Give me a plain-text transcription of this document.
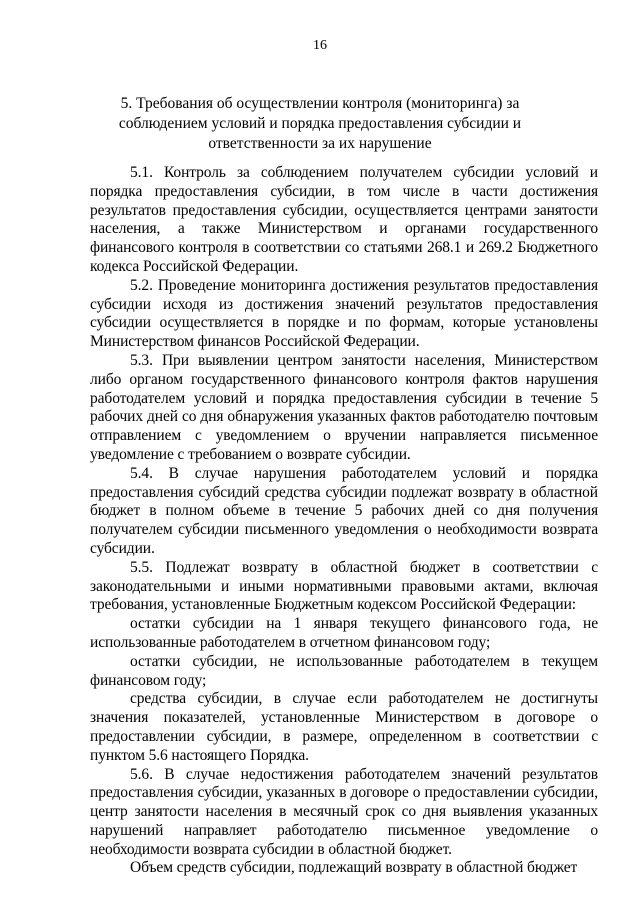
16
5. Требования об осуществлении контроля (мониторинга) за
соблюдением условий и порядка предоставления субсидии и
ответственности за их нарушение

5.1. Контроль за соблюдением получателем субсидии условий и порядка предоставления субсидии, в том числе в части достижения результатов предоставления субсидии, осуществляется центрами занятости населения, а также Министерством и органами государственного финансового контроля в соответствии со статьями 268.1 и 269.2 Бюджетного кодекса Российской Федерации.

5.2. Проведение мониторинга достижения результатов предоставления субсидии исходя из достижения значений результатов предоставления субсидии осуществляется в порядке и по формам, которые установлены Министерством финансов Российской Федерации.

5.3. При выявлении центром занятости населения, Министерством либо органом государственного финансового контроля фактов нарушения работодателем условий и порядка предоставления субсидии в течение 5 рабочих дней со дня обнаружения указанных фактов работодателю почтовым отправлением с уведомлением о вручении направляется письменное уведомление с требованием о возврате субсидии.

5.4. В случае нарушения работодателем условий и порядка предоставления субсидий средства субсидии подлежат возврату в областной бюджет в полном объеме в течение 5 рабочих дней со дня получения получателем субсидии письменного уведомления о необходимости возврата субсидии.

5.5. Подлежат возврату в областной бюджет в соответствии с законодательными и иными нормативными правовыми актами, включая требования, установленные Бюджетным кодексом Российской Федерации:

остатки субсидии на 1 января текущего финансового года, не использованные работодателем в отчетном финансовом году;

остатки субсидии, не использованные работодателем в текущем финансовом году;

средства субсидии, в случае если работодателем не достигнуты значения показателей, установленные Министерством в договоре о предоставлении субсидии, в размере, определенном в соответствии с пунктом 5.6 настоящего Порядка.

5.6. В случае недостижения работодателем значений результатов предоставления субсидии, указанных в договоре о предоставлении субсидии, центр занятости населения в месячный срок со дня выявления указанных нарушений направляет работодателю письменное уведомление о необходимости возврата субсидии в областной бюджет.

Объем средств субсидии, подлежащий возврату в областной бюджет
